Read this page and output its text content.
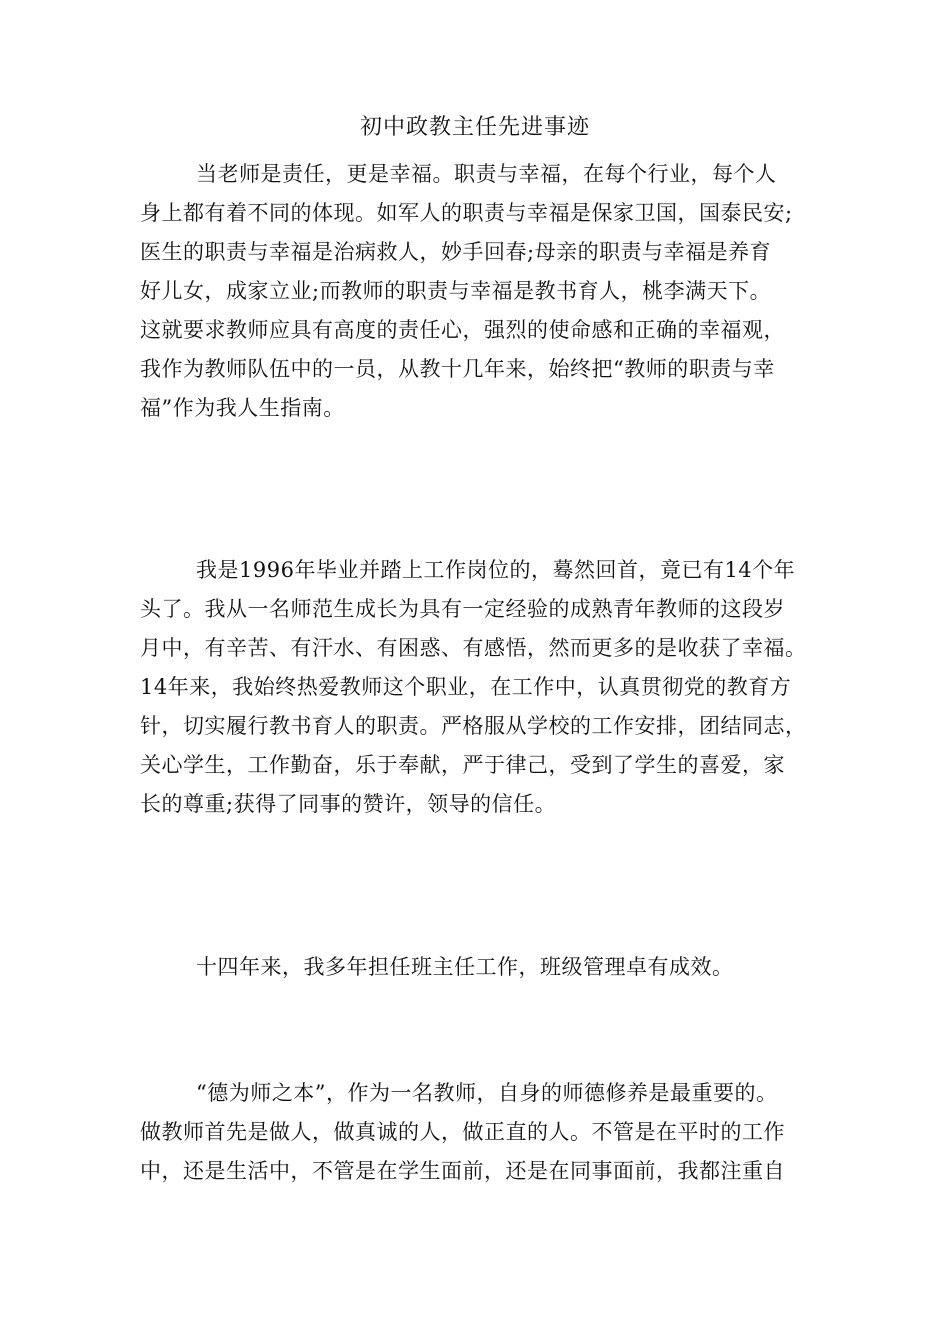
初中政教主任先进事迹
当老师是责任，更是幸福。职责与幸福，在每个行业，每个人
身上都有着不同的体现。如军人的职责与幸福是保家卫国，国泰民安;
医生的职责与幸福是治病救人，妙手回春;母亲的职责与幸福是养育
好儿女，成家立业;而教师的职责与幸福是教书育人，桃李满天下。
这就要求教师应具有高度的责任心，强烈的使命感和正确的幸福观，
我作为教师队伍中的一员，从教十几年来，始终把“教师的职责与幸
福”作为我人生指南。
我是1996年毕业并踏上工作岗位的，蓦然回首，竟已有14个年
头了。我从一名师范生成长为具有一定经验的成熟青年教师的这段岁
月中，有辛苦、有汗水、有困惑、有感悟，然而更多的是收获了幸福。
14年来，我始终热爱教师这个职业，在工作中，认真贯彻党的教育方
针，切实履行教书育人的职责。严格服从学校的工作安排，团结同志，
关心学生，工作勤奋，乐于奉献，严于律己，受到了学生的喜爱，家
长的尊重;获得了同事的赞许，领导的信任。
十四年来，我多年担任班主任工作，班级管理卓有成效。
“德为师之本”，作为一名教师，自身的师德修养是最重要的。
做教师首先是做人，做真诚的人，做正直的人。不管是在平时的工作
中，还是生活中，不管是在学生面前，还是在同事面前，我都注重自
